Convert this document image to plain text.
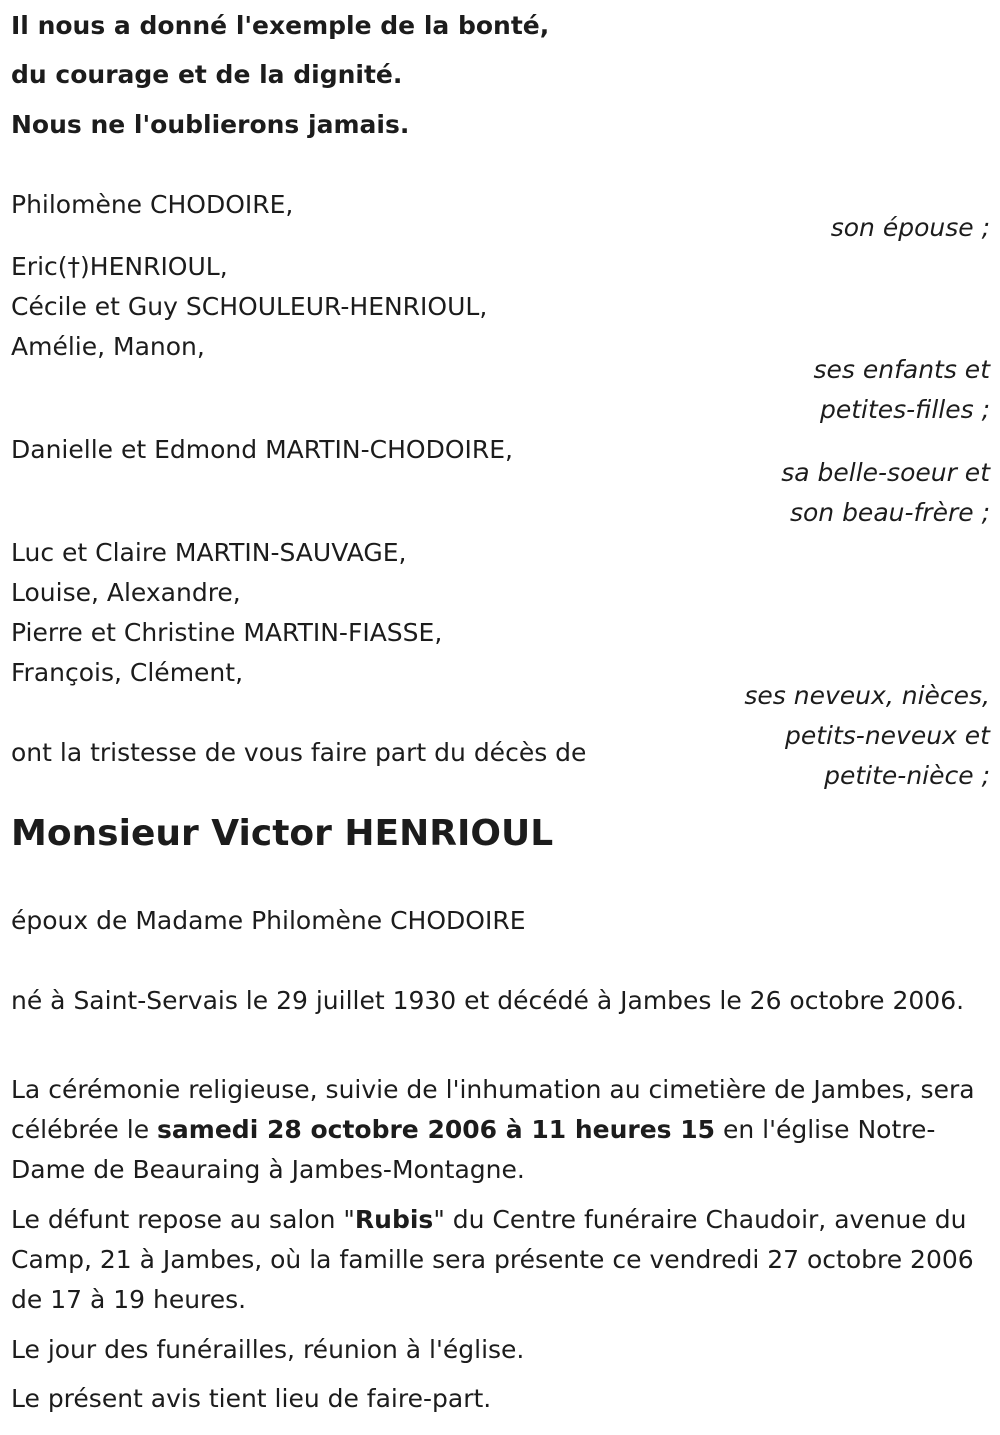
Il nous a donné l'exemple de la bonté,
du courage et de la dignité.
Nous ne l'oublierons jamais.
Philomène CHODOIRE,
son épouse ;
Eric(†)HENRIOUL,
Cécile et Guy SCHOULEUR-HENRIOUL,
Amélie, Manon,
ses enfants et
petites-filles ;
Danielle et Edmond MARTIN-CHODOIRE,
sa belle-soeur et
son beau-frère ;
Luc et Claire MARTIN-SAUVAGE,
Louise, Alexandre,
Pierre et Christine MARTIN-FIASSE,
François, Clément,
ses neveux, nièces,
petits-neveux et
petite-nièce ;
ont la tristesse de vous faire part du décès de
Monsieur Victor HENRIOUL
époux de Madame Philomène CHODOIRE
né à Saint-Servais le 29 juillet 1930 et décédé à Jambes le 26 octobre 2006.
La cérémonie religieuse, suivie de l'inhumation au cimetière de Jambes, sera célébrée le samedi 28 octobre 2006 à 11 heures 15 en l'église Notre-Dame de Beauraing à Jambes-Montagne.
Le défunt repose au salon "Rubis" du Centre funéraire Chaudoir, avenue du Camp, 21 à Jambes, où la famille sera présente ce vendredi 27 octobre 2006 de 17 à 19 heures.
Le jour des funérailles, réunion à l'église.
Le présent avis tient lieu de faire-part.
